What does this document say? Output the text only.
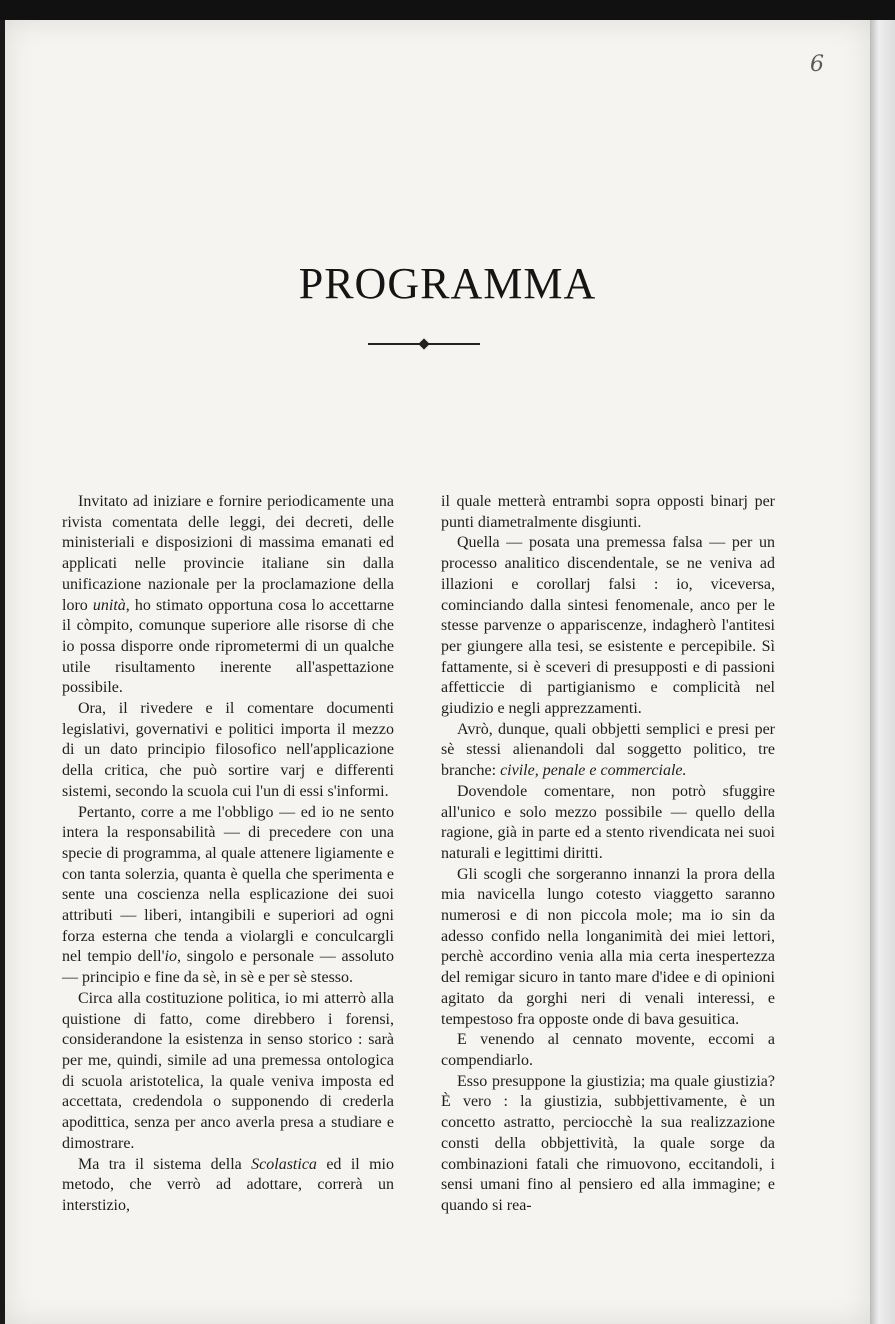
6
PROGRAMMA

Invitato ad iniziare e fornire periodicamente una rivista comentata delle leggi, dei decreti, delle ministeriali e disposizioni di massima emanati ed applicati nelle provincie italiane sin dalla unificazione nazionale per la proclamazione della loro unità, ho stimato opportuna cosa lo accettarne il còmpito, comunque superiore alle risorse di che io possa disporre onde riprometermi di un qualche utile risultamento inerente all'aspettazione possibile.

Ora, il rivedere e il comentare documenti legislativi, governativi e politici importa il mezzo di un dato principio filosofico nell'applicazione della critica, che può sortire varj e differenti sistemi, secondo la scuola cui l'un di essi s'informi.

Pertanto, corre a me l'obbligo — ed io ne sento intera la responsabilità — di precedere con una specie di programma, al quale attenere ligiamente e con tanta solerzia, quanta è quella che sperimenta e sente una coscienza nella esplicazione dei suoi attributi — liberi, intangibili e superiori ad ogni forza esterna che tenda a violargli e conculcargli nel tempio dell'io, singolo e personale — assoluto — principio e fine da sè, in sè e per sè stesso.

Circa alla costituzione politica, io mi atterrò alla quistione di fatto, come direbbero i forensi, considerandone la esistenza in senso storico : sarà per me, quindi, simile ad una premessa ontologica di scuola aristotelica, la quale veniva imposta ed accettata, credendola o supponendo di crederla apodittica, senza per anco averla presa a studiare e dimostrare.

Ma tra il sistema della Scolastica ed il mio metodo, che verrò ad adottare, correrà un interstizio,

il quale metterà entrambi sopra opposti binarj per punti diametralmente disgiunti.

Quella — posata una premessa falsa — per un processo analitico discendentale, se ne veniva ad illazioni e corollarj falsi : io, viceversa, cominciando dalla sintesi fenomenale, anco per le stesse parvenze o appariscenze, indagherò l'antitesi per giungere alla tesi, se esistente e percepibile. Sì fattamente, si è sceveri di presupposti e di passioni affetticcie di partigianismo e complicità nel giudizio e negli apprezzamenti.

Avrò, dunque, quali obbjetti semplici e presi per sè stessi alienandoli dal soggetto politico, tre branche: civile, penale e commerciale.

Dovendole comentare, non potrò sfuggire all'unico e solo mezzo possibile — quello della ragione, già in parte ed a stento rivendicata nei suoi naturali e legittimi diritti.

Gli scogli che sorgeranno innanzi la prora della mia navicella lungo cotesto viaggetto saranno numerosi e di non piccola mole; ma io sin da adesso confido nella longanimità dei miei lettori, perchè accordino venia alla mia certa inespertezza del remigar sicuro in tanto mare d'idee e di opinioni agitato da gorghi neri di venali interessi, e tempestoso fra opposte onde di bava gesuitica.

E venendo al cennato movente, eccomi a compendiarlo.

Esso presuppone la giustizia; ma quale giustizia? È vero : la giustizia, subbjettivamente, è un concetto astratto, perciocchè la sua realizzazione consti della obbjettività, la quale sorge da combinazioni fatali che rimuovono, eccitandoli, i sensi umani fino al pensiero ed alla immagine; e quando si rea-
